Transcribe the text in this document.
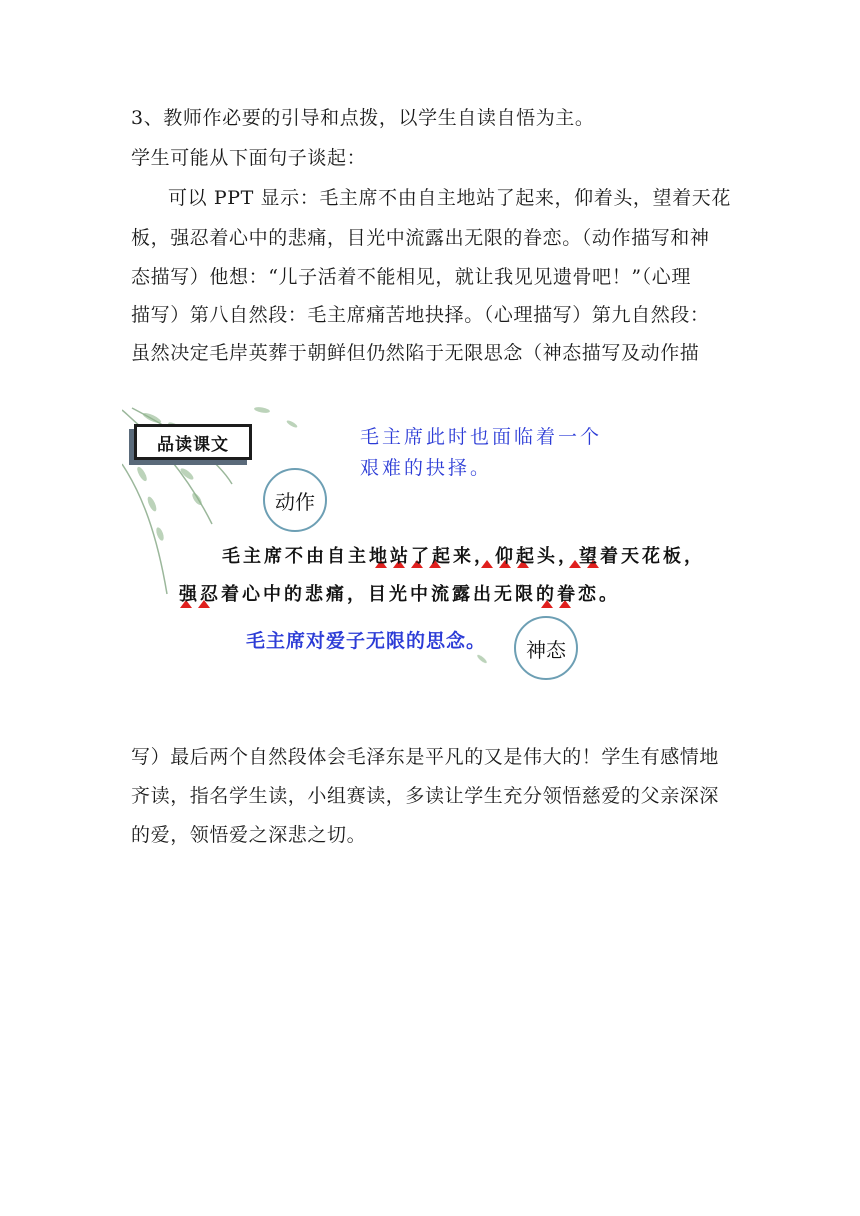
3、教师作必要的引导和点拨，以学生自读自悟为主。
学生可能从下面句子谈起：
可以 PPT 显示：毛主席不由自主地站了起来，仰着头，望着天花
板，强忍着心中的悲痛，目光中流露出无限的眷恋。（动作描写和神
态描写）他想：“儿子活着不能相见，就让我见见遗骨吧！”（心理
描写）第八自然段：毛主席痛苦地抉择。（心理描写）第九自然段：
虽然决定毛岸英葬于朝鲜但仍然陷于无限思念（神态描写及动作描
品读课文	毛主席此时也面临着一个
艰难的抉择。
动作
毛主席不由自主地站了起来，仰起头，望着天花板，
强忍着心中的悲痛，目光中流露出无限的眷恋。
毛主席对爱子无限的思念。	神态
写）最后两个自然段体会毛泽东是平凡的又是伟大的！学生有感情地
齐读，指名学生读，小组赛读，多读让学生充分领悟慈爱的父亲深深
的爱，领悟爱之深悲之切。
